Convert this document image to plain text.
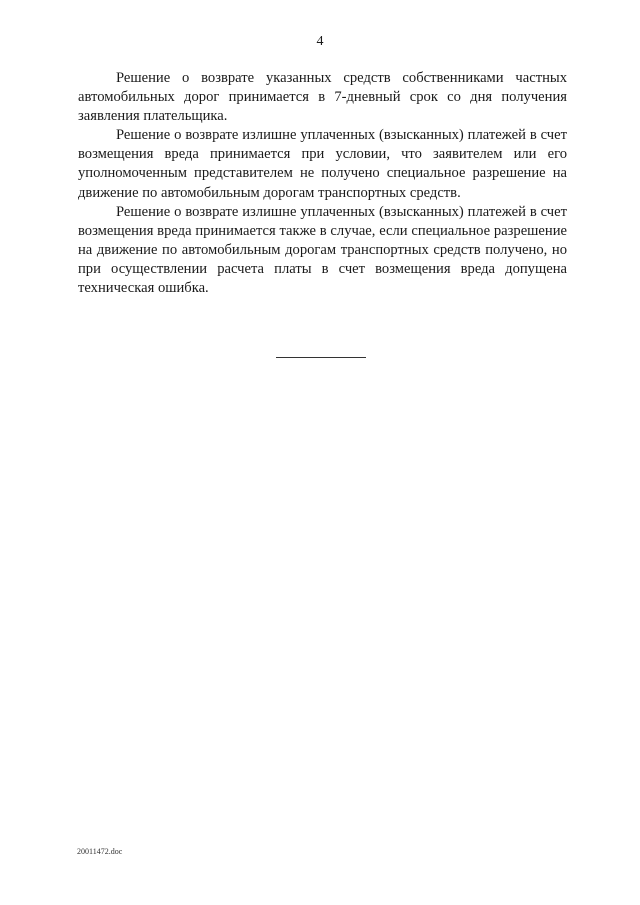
4

Решение о возврате указанных средств собственниками частных автомобильных дорог принимается в 7-дневный срок со дня получения заявления плательщика.

Решение о возврате излишне уплаченных (взысканных) платежей в счет возмещения вреда принимается при условии, что заявителем или его уполномоченным представителем не получено специальное разрешение на движение по автомобильным дорогам транспортных средств.

Решение о возврате излишне уплаченных (взысканных) платежей в счет возмещения вреда принимается также в случае, если специальное разрешение на движение по автомобильным дорогам транспортных средств получено, но при осуществлении расчета платы в счет возмещения вреда допущена техническая ошибка.

20011472.doc
